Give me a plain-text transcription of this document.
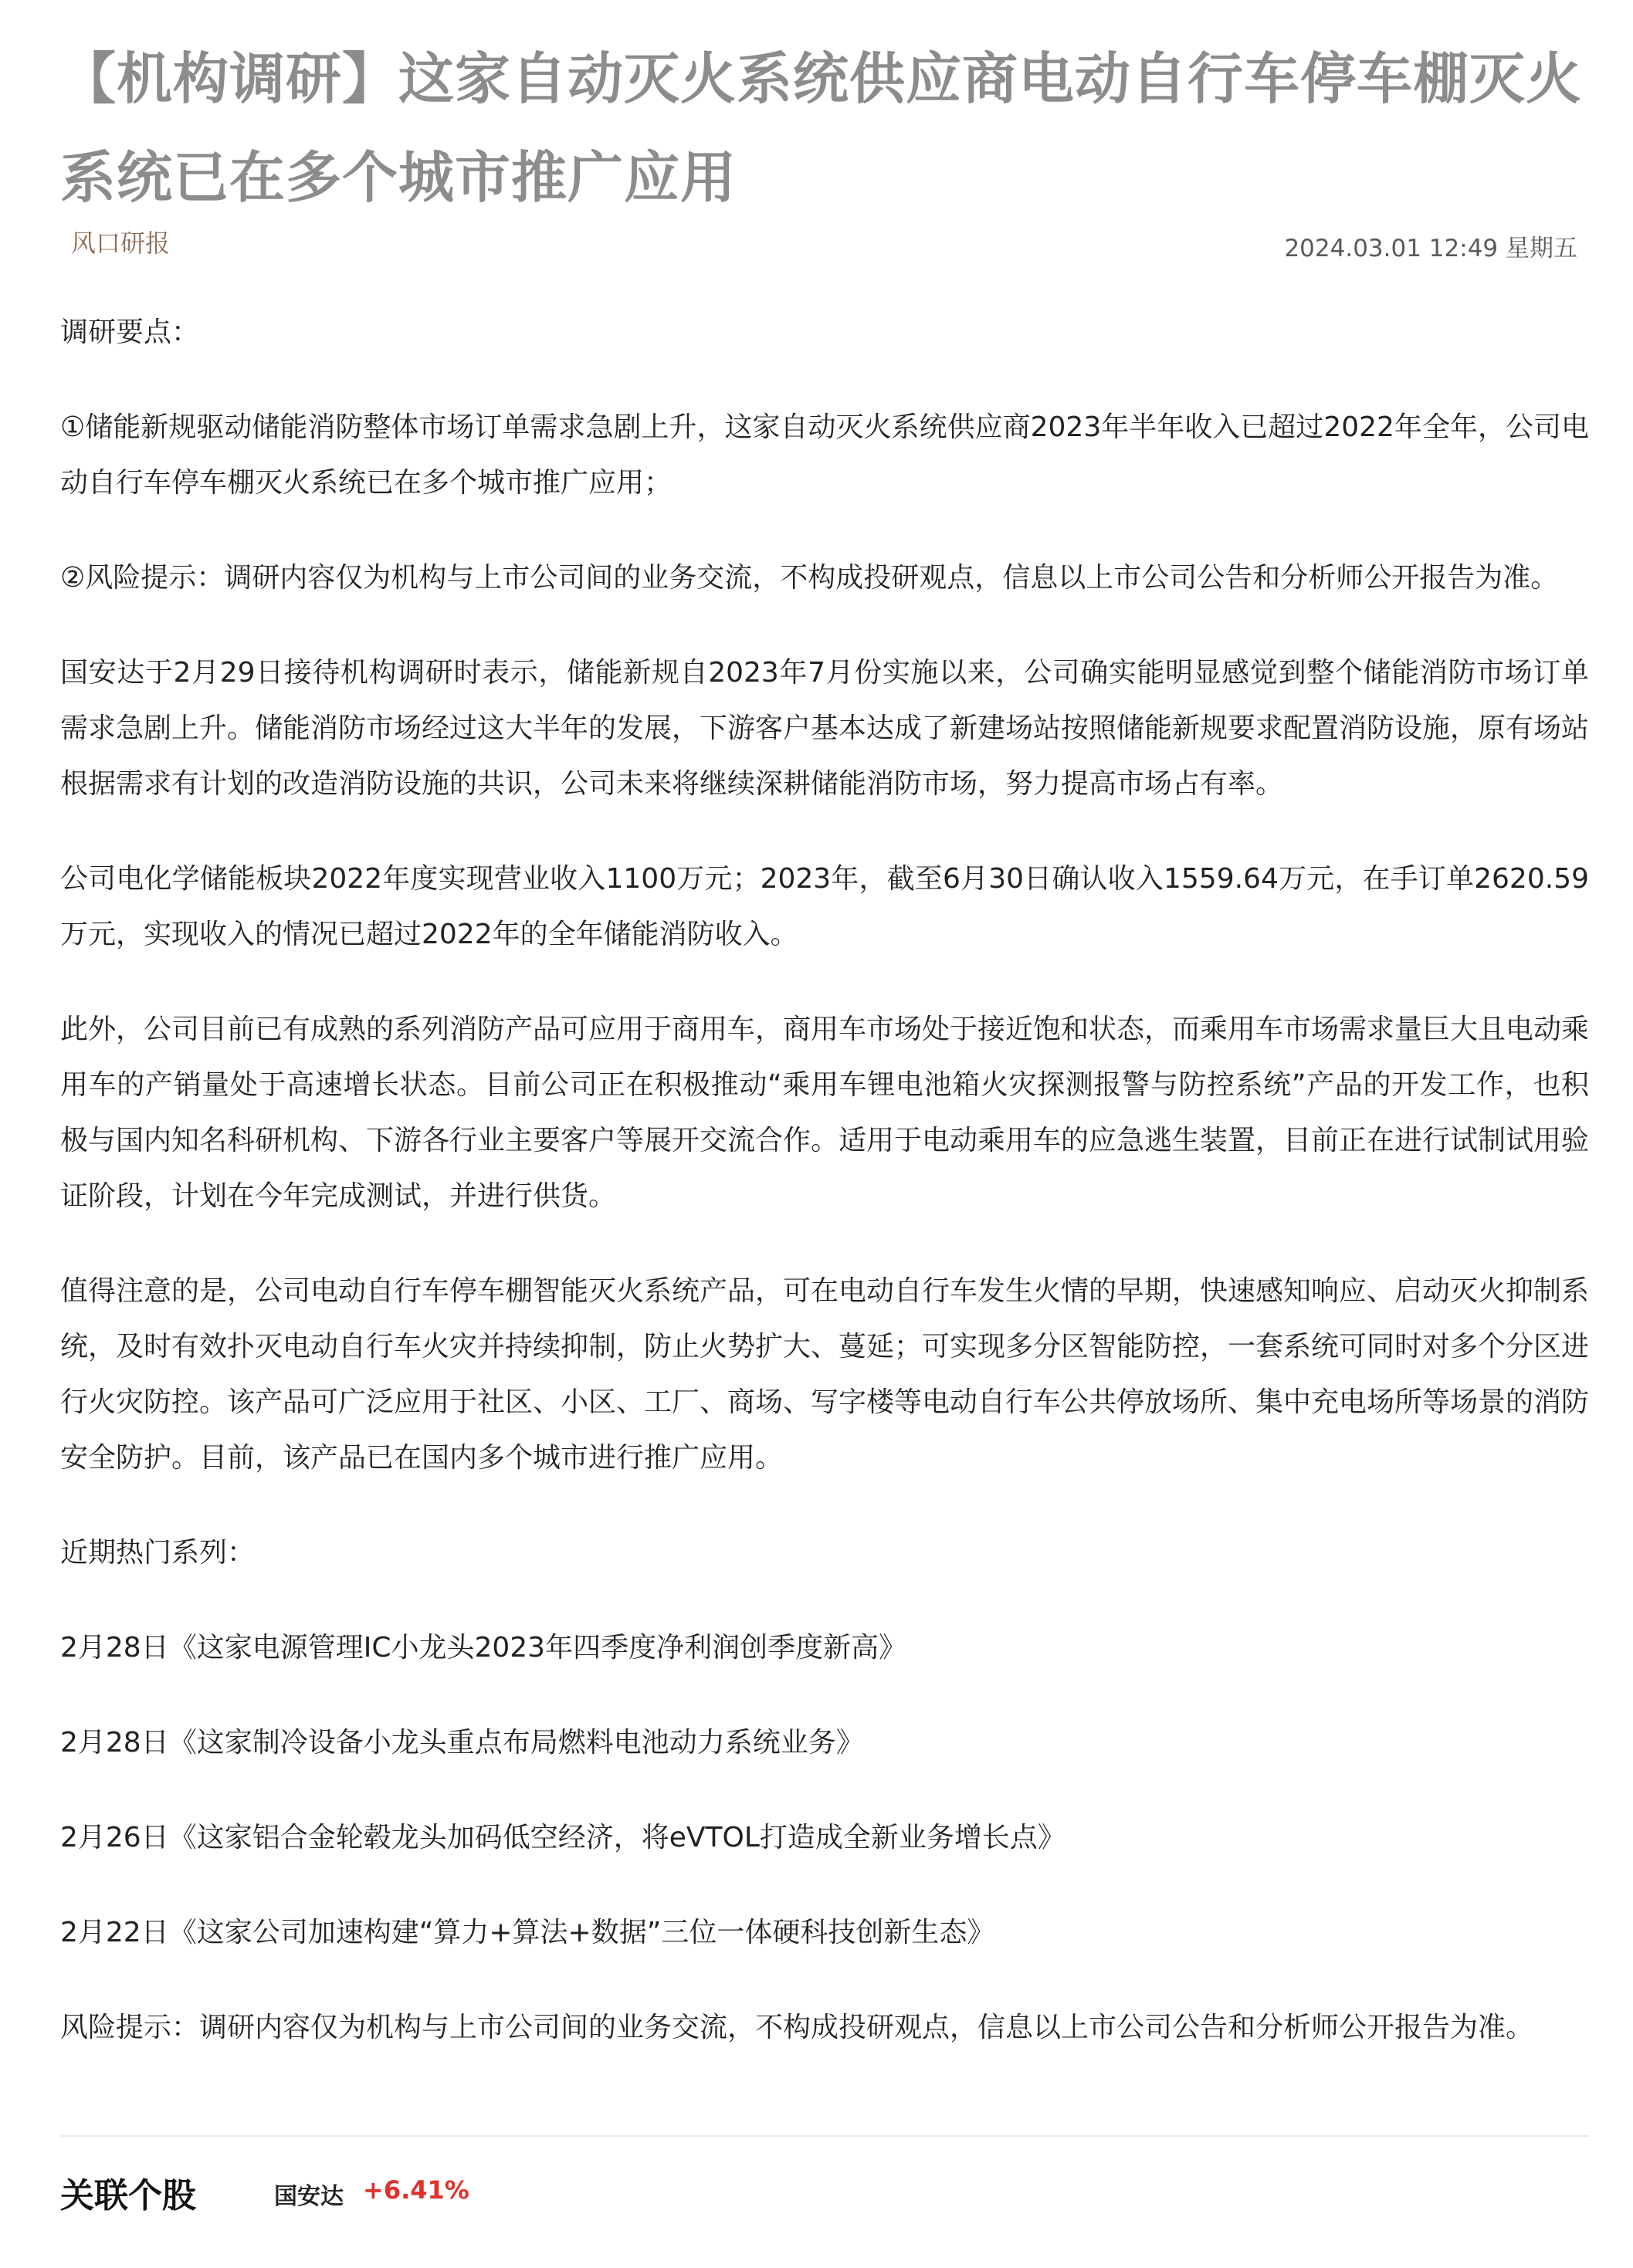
【机构调研】这家自动灭火系统供应商电动自行车停车棚灭火系统已在多个城市推广应用
风口研报	2024.03.01 12:49 星期五

调研要点：

①储能新规驱动储能消防整体市场订单需求急剧上升，这家自动灭火系统供应商2023年半年收入已超过2022年全年，公司电动自行车停车棚灭火系统已在多个城市推广应用；

②风险提示：调研内容仅为机构与上市公司间的业务交流，不构成投研观点，信息以上市公司公告和分析师公开报告为准。

国安达于2月29日接待机构调研时表示，储能新规自2023年7月份实施以来，公司确实能明显感觉到整个储能消防市场订单需求急剧上升。储能消防市场经过这大半年的发展，下游客户基本达成了新建场站按照储能新规要求配置消防设施，原有场站根据需求有计划的改造消防设施的共识，公司未来将继续深耕储能消防市场，努力提高市场占有率。

公司电化学储能板块2022年度实现营业收入1100万元；2023年，截至6月30日确认收入1559.64万元，在手订单2620.59万元，实现收入的情况已超过2022年的全年储能消防收入。

此外，公司目前已有成熟的系列消防产品可应用于商用车，商用车市场处于接近饱和状态，而乘用车市场需求量巨大且电动乘用车的产销量处于高速增长状态。目前公司正在积极推动“乘用车锂电池箱火灾探测报警与防控系统”产品的开发工作，也积极与国内知名科研机构、下游各行业主要客户等展开交流合作。适用于电动乘用车的应急逃生装置，目前正在进行试制试用验证阶段，计划在今年完成测试，并进行供货。

值得注意的是，公司电动自行车停车棚智能灭火系统产品，可在电动自行车发生火情的早期，快速感知响应、启动灭火抑制系统，及时有效扑灭电动自行车火灾并持续抑制，防止火势扩大、蔓延；可实现多分区智能防控，一套系统可同时对多个分区进行火灾防控。该产品可广泛应用于社区、小区、工厂、商场、写字楼等电动自行车公共停放场所、集中充电场所等场景的消防安全防护。目前，该产品已在国内多个城市进行推广应用。

近期热门系列：

2月28日《这家电源管理IC小龙头2023年四季度净利润创季度新高》

2月28日《这家制冷设备小龙头重点布局燃料电池动力系统业务》

2月26日《这家铝合金轮毂龙头加码低空经济，将eVTOL打造成全新业务增长点》

2月22日《这家公司加速构建“算力+算法+数据”三位一体硬科技创新生态》

风险提示：调研内容仅为机构与上市公司间的业务交流，不构成投研观点，信息以上市公司公告和分析师公开报告为准。

关联个股	国安达 +6.41%
